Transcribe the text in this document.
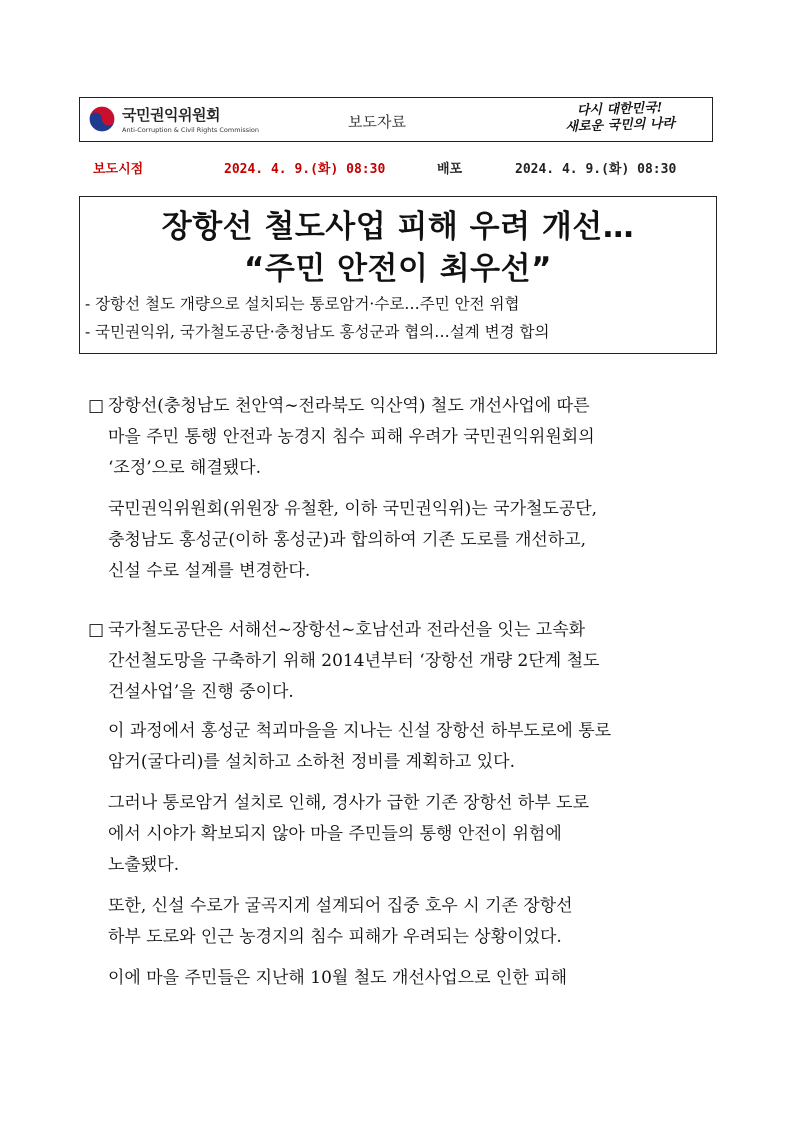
국민권익위원회
Anti-Corruption & Civil Rights Commission	보도자료
다시 대한민국!
새로운 국민의 나라
보도시점	2024. 4. 9.(화) 08:30	배포	2024. 4. 9.(화) 08:30
장항선 철도사업 피해 우려 개선…
“주민 안전이 최우선”
- 장항선 철도 개량으로 설치되는 통로암거·수로…주민 안전 위협
- 국민권익위, 국가철도공단·충청남도 홍성군과 협의…설계 변경 합의
□ 장항선(충청남도 천안역∼전라북도 익산역) 철도 개선사업에 따른
마을 주민 통행 안전과 농경지 침수 피해 우려가 국민권익위원회의
‘조정’으로 해결됐다.
국민권익위원회(위원장 유철환, 이하 국민권익위)는 국가철도공단,
충청남도 홍성군(이하 홍성군)과 합의하여 기존 도로를 개선하고,
신설 수로 설계를 변경한다.
□ 국가철도공단은 서해선~장항선~호남선과 전라선을 잇는 고속화
간선철도망을 구축하기 위해 2014년부터 ‘장항선 개량 2단계 철도
건설사업’을 진행 중이다.
이 과정에서 홍성군 척괴마을을 지나는 신설 장항선 하부도로에 통로
암거(굴다리)를 설치하고 소하천 정비를 계획하고 있다.
그러나 통로암거 설치로 인해, 경사가 급한 기존 장항선 하부 도로
에서 시야가 확보되지 않아 마을 주민들의 통행 안전이 위험에
노출됐다.
또한, 신설 수로가 굴곡지게 설계되어 집중 호우 시 기존 장항선
하부 도로와 인근 농경지의 침수 피해가 우려되는 상황이었다.
이에 마을 주민들은 지난해 10월 철도 개선사업으로 인한 피해
